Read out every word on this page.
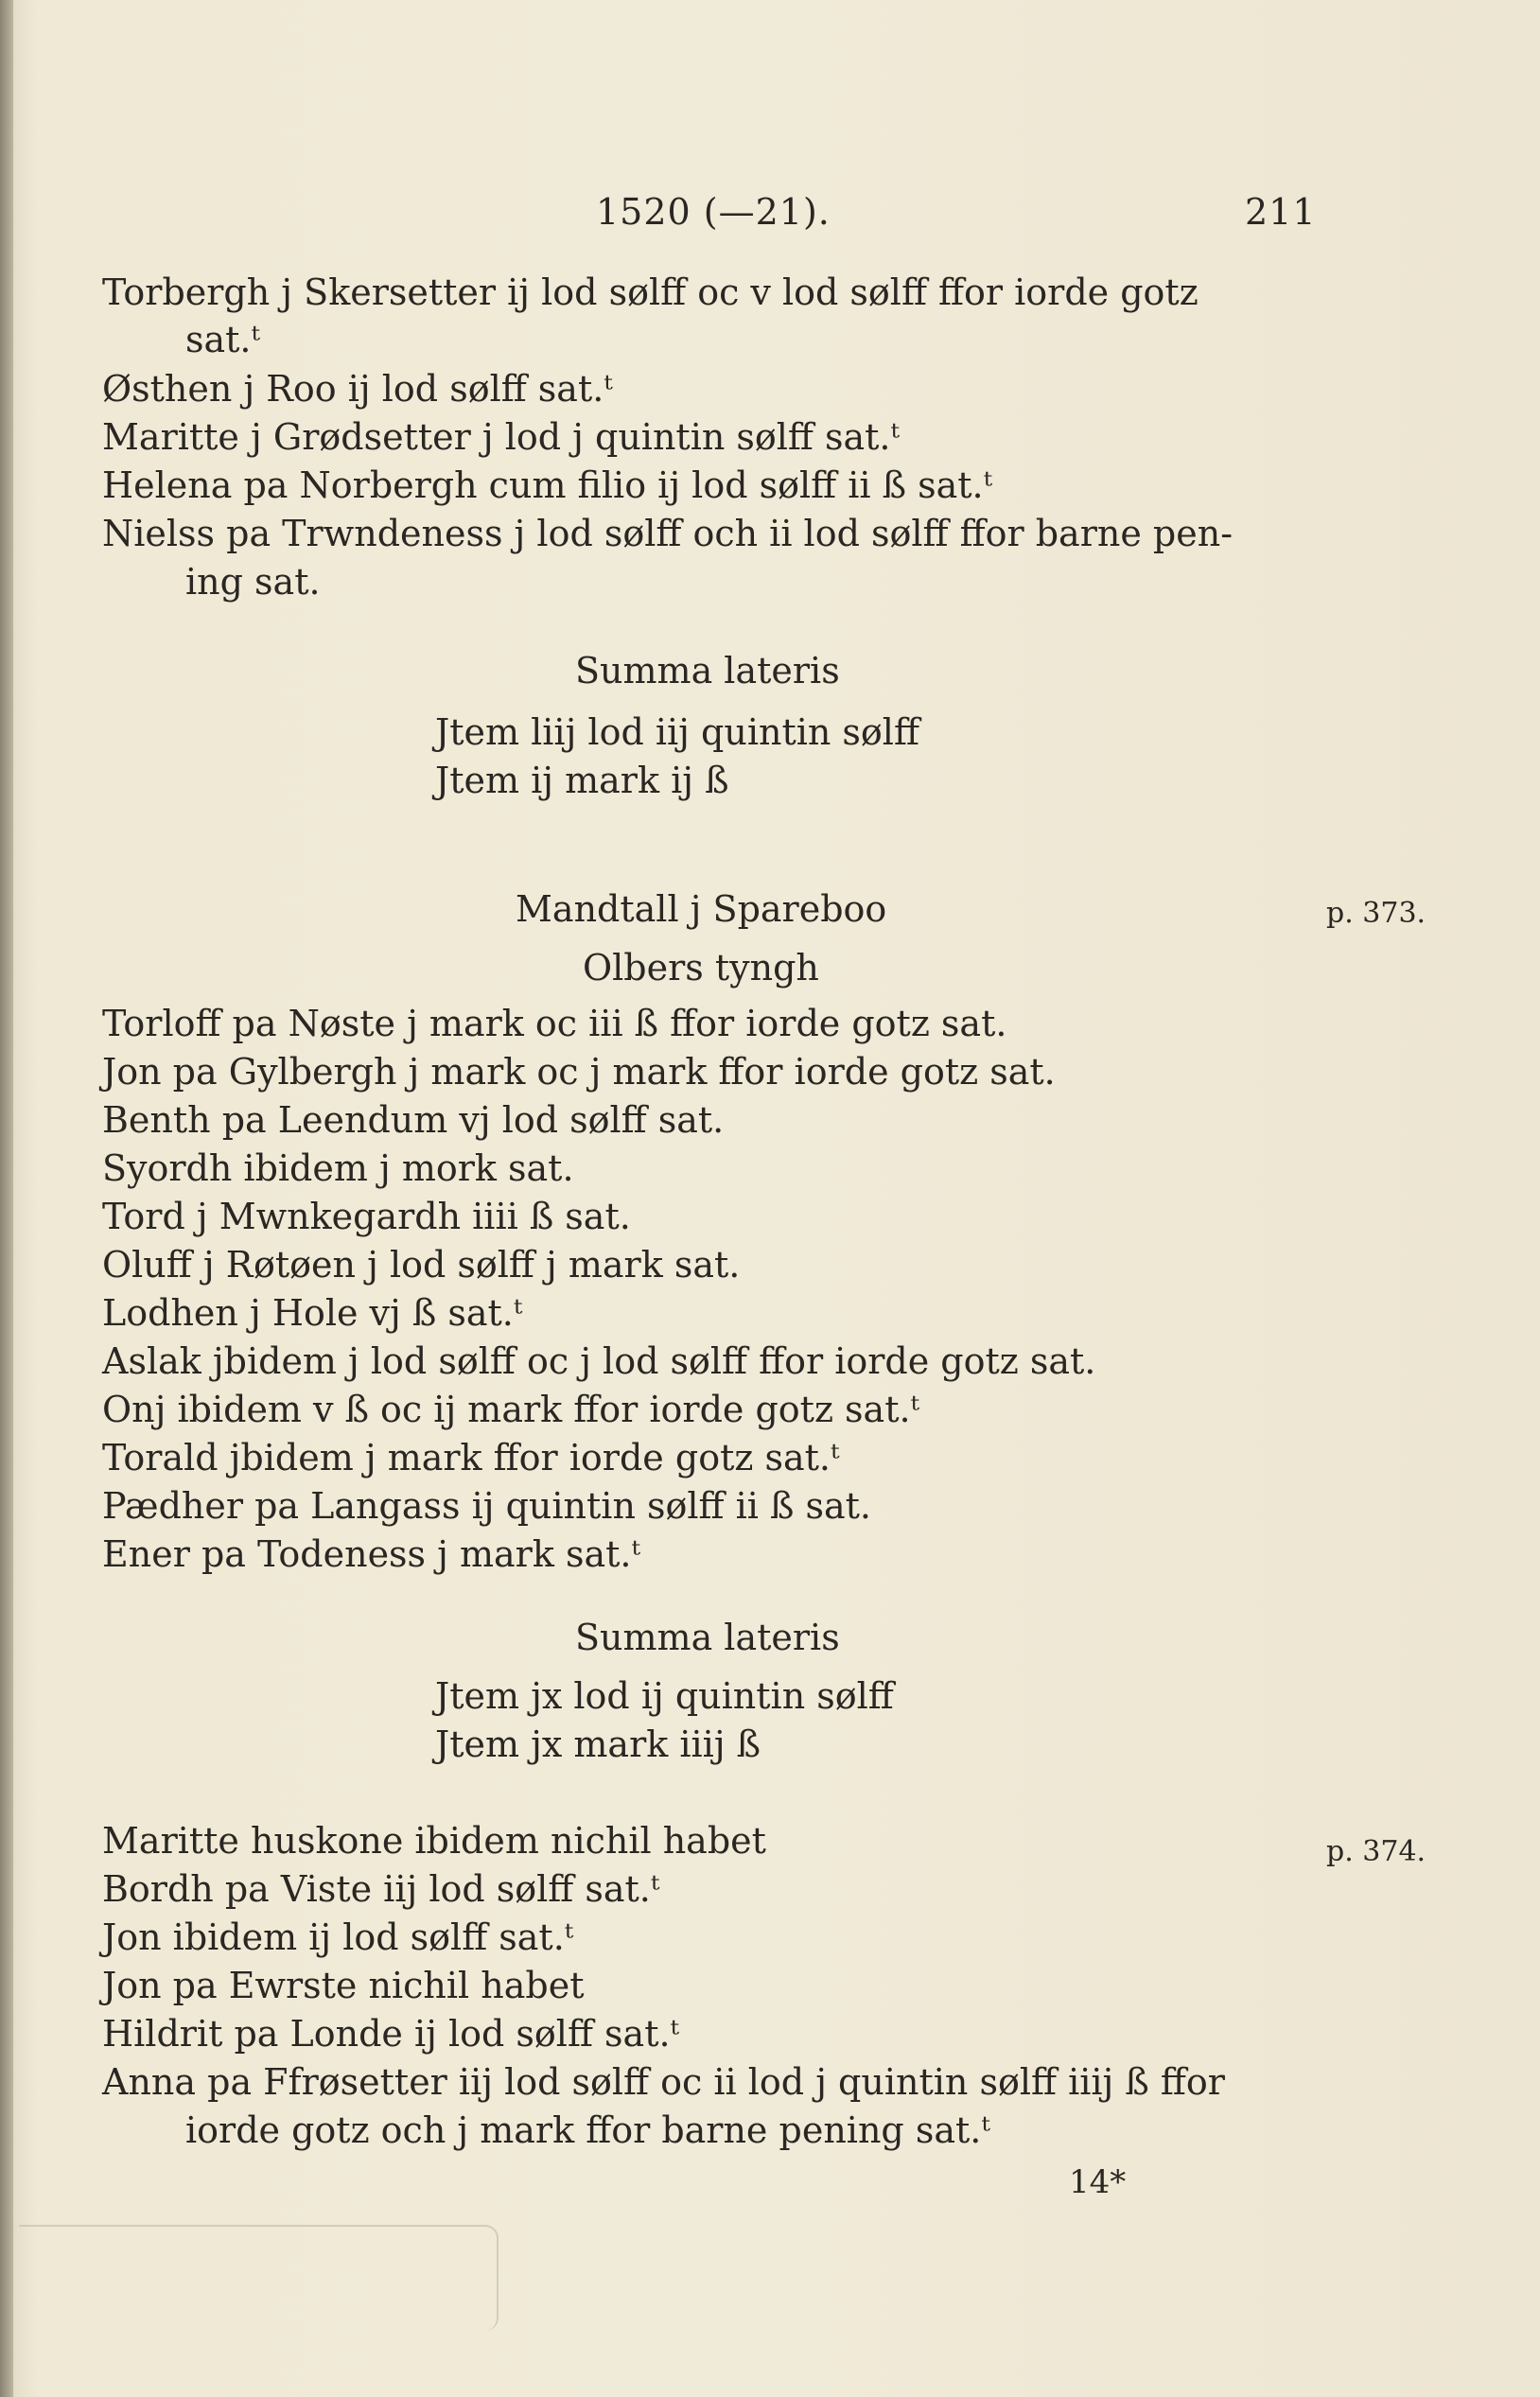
1520 (—21).	211
Torbergh j Skersetter ij lod sølff oc v lod sølff ffor iorde gotz
sat.ᵗ
Østhen j Roo ij lod sølff sat.ᵗ
Maritte j Grødsetter j lod j quintin sølff sat.ᵗ
Helena pa Norbergh cum filio ij lod sølff ii ß sat.ᵗ
Nielss pa Trwndeness j lod sølff och ii lod sølff ffor barne pen-
ing sat.
Summa lateris
Jtem liij lod iij quintin sølff
Jtem ij mark ij ß
Mandtall j Spareboo	p. 373.
Olbers tyngh
Torloff pa Nøste j mark oc iii ß ffor iorde gotz sat.
Jon pa Gylbergh j mark oc j mark ffor iorde gotz sat.
Benth pa Leendum vj lod sølff sat.
Syordh ibidem j mork sat.
Tord j Mwnkegardh iiii ß sat.
Oluff j Røtøen j lod sølff j mark sat.
Lodhen j Hole vj ß sat.ᵗ
Aslak jbidem j lod sølff oc j lod sølff ffor iorde gotz sat.
Onj ibidem v ß oc ij mark ffor iorde gotz sat.ᵗ
Torald jbidem j mark ffor iorde gotz sat.ᵗ
Pædher pa Langass ij quintin sølff ii ß sat.
Ener pa Todeness j mark sat.ᵗ
Summa lateris
Jtem jx lod ij quintin sølff
Jtem jx mark iiij ß
p. 374.
Maritte huskone ibidem nichil habet
Bordh pa Viste iij lod sølff sat.ᵗ
Jon ibidem ij lod sølff sat.ᵗ
Jon pa Ewrste nichil habet
Hildrit pa Londe ij lod sølff sat.ᵗ
Anna pa Ffrøsetter iij lod sølff oc ii lod j quintin sølff iiij ß ffor
iorde gotz och j mark ffor barne pening sat.ᵗ
14*
